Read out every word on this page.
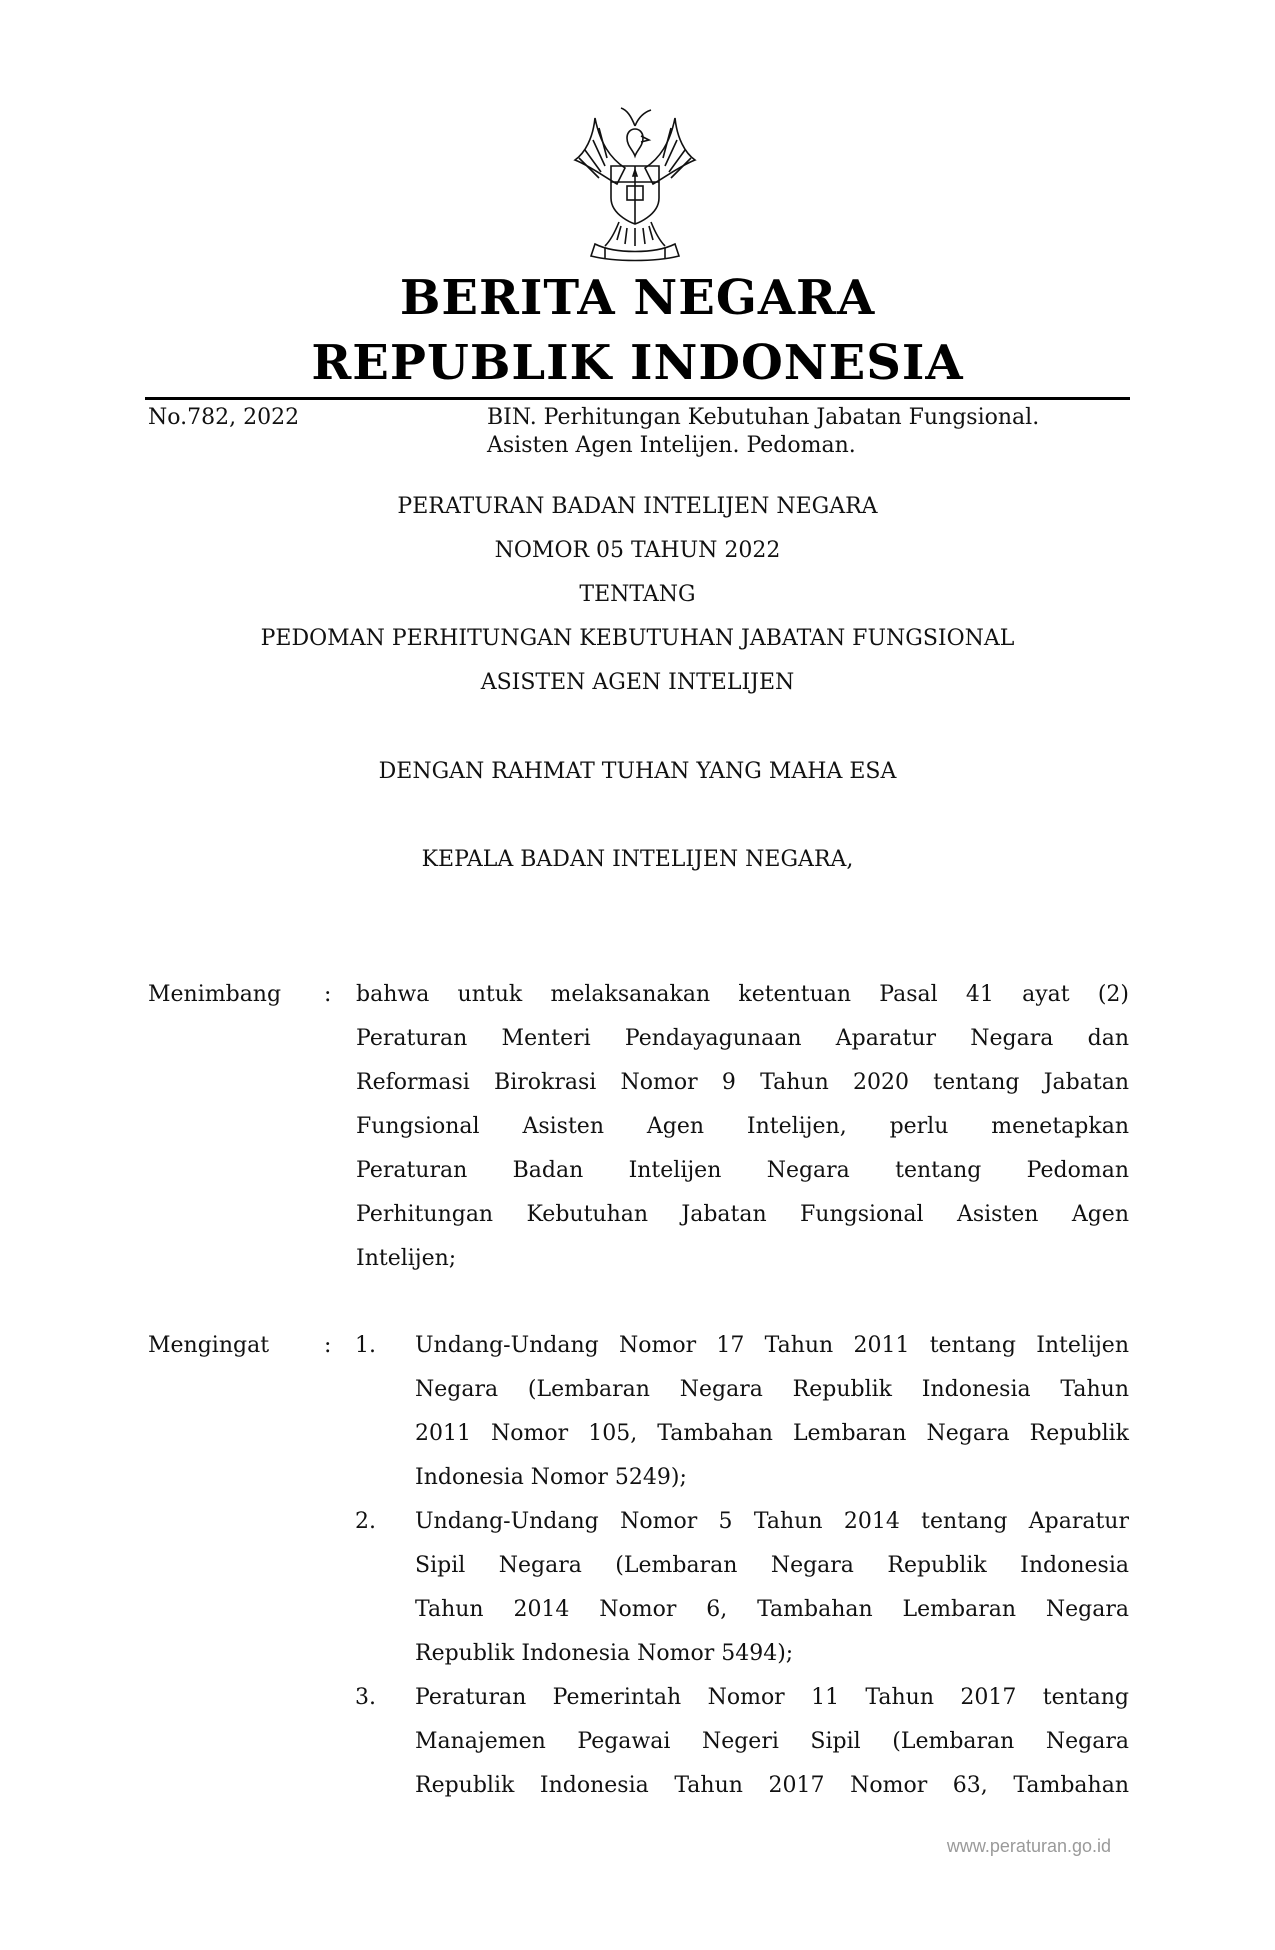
BERITA NEGARA
REPUBLIK INDONESIA
No.782, 2022	BIN. Perhitungan Kebutuhan Jabatan Fungsional.
Asisten Agen Intelijen. Pedoman.
PERATURAN BADAN INTELIJEN NEGARA
NOMOR 05 TAHUN 2022
TENTANG
PEDOMAN PERHITUNGAN KEBUTUHAN JABATAN FUNGSIONAL
ASISTEN AGEN INTELIJEN
DENGAN RAHMAT TUHAN YANG MAHA ESA
KEPALA BADAN INTELIJEN NEGARA,
Menimbang : bahwa untuk melaksanakan ketentuan Pasal 41 ayat (2)
Peraturan Menteri Pendayagunaan Aparatur Negara dan
Reformasi Birokrasi Nomor 9 Tahun 2020 tentang Jabatan
Fungsional Asisten Agen Intelijen, perlu menetapkan
Peraturan Badan Intelijen Negara tentang Pedoman
Perhitungan Kebutuhan Jabatan Fungsional Asisten Agen
Intelijen;
Mengingat : 1. Undang-Undang Nomor 17 Tahun 2011 tentang Intelijen
Negara (Lembaran Negara Republik Indonesia Tahun
2011 Nomor 105, Tambahan Lembaran Negara Republik
Indonesia Nomor 5249);
2. Undang-Undang Nomor 5 Tahun 2014 tentang Aparatur
Sipil Negara (Lembaran Negara Republik Indonesia
Tahun 2014 Nomor 6, Tambahan Lembaran Negara
Republik Indonesia Nomor 5494);
3. Peraturan Pemerintah Nomor 11 Tahun 2017 tentang
Manajemen Pegawai Negeri Sipil (Lembaran Negara
Republik Indonesia Tahun 2017 Nomor 63, Tambahan
www.peraturan.go.id
